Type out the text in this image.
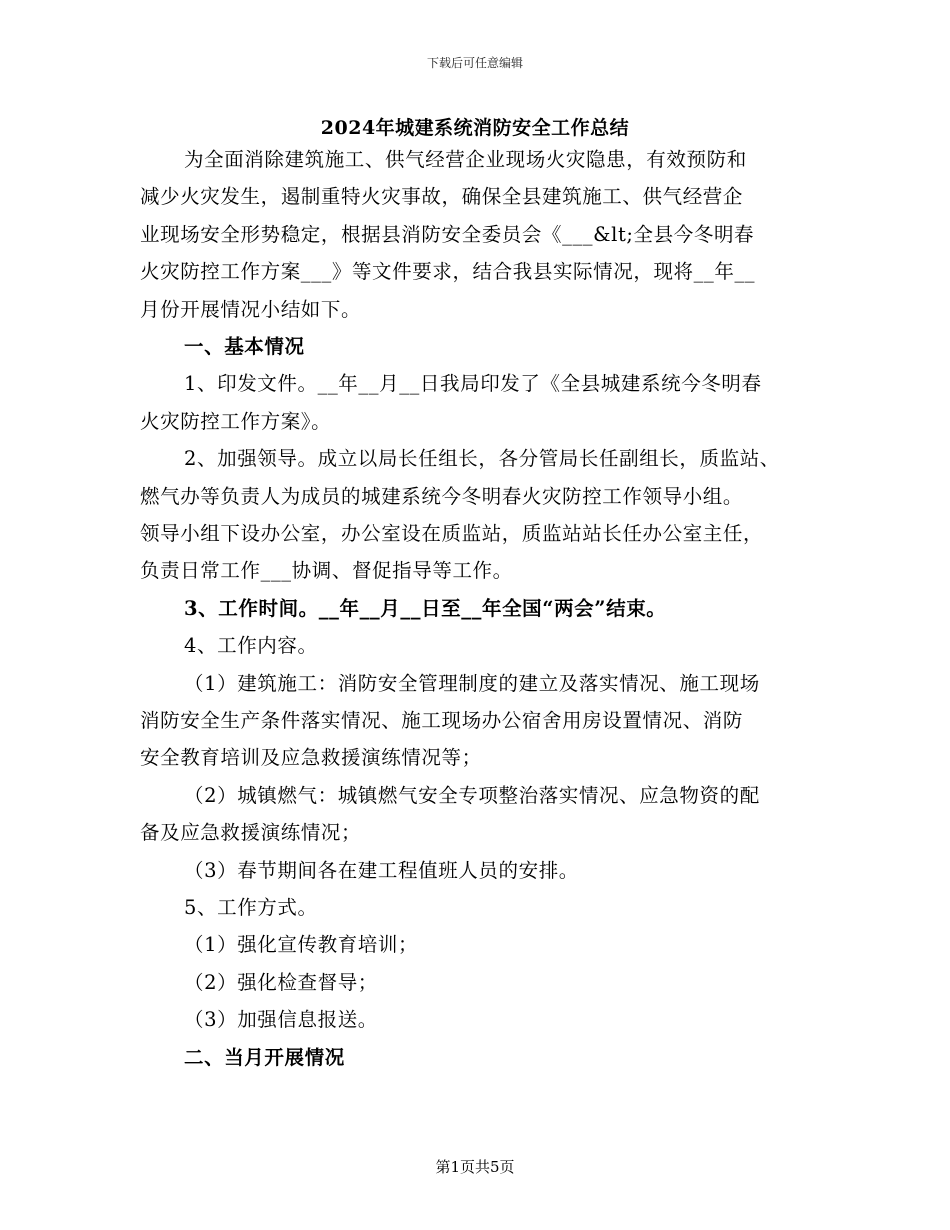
下载后可任意编辑
2024年城建系统消防安全工作总结
为全面消除建筑施工、供气经营企业现场火灾隐患，有效预防和
减少火灾发生，遏制重特火灾事故，确保全县建筑施工、供气经营企
业现场安全形势稳定，根据县消防安全委员会《___&lt;全县今冬明春
火灾防控工作方案___》等文件要求，结合我县实际情况，现将__年__
月份开展情况小结如下。
一、基本情况
1、印发文件。__年__月__日我局印发了《全县城建系统今冬明春
火灾防控工作方案》。
2、加强领导。成立以局长任组长，各分管局长任副组长，质监站、
燃气办等负责人为成员的城建系统今冬明春火灾防控工作领导小组。
领导小组下设办公室，办公室设在质监站，质监站站长任办公室主任，
负责日常工作___协调、督促指导等工作。
3、工作时间。__年__月__日至__年全国“两会”结束。
4、工作内容。
（1）建筑施工：消防安全管理制度的建立及落实情况、施工现场
消防安全生产条件落实情况、施工现场办公宿舍用房设置情况、消防
安全教育培训及应急救援演练情况等；
（2）城镇燃气：城镇燃气安全专项整治落实情况、应急物资的配
备及应急救援演练情况；
（3）春节期间各在建工程值班人员的安排。
5、工作方式。
（1）强化宣传教育培训；
（2）强化检查督导；
（3）加强信息报送。
二、当月开展情况
第1页共5页
